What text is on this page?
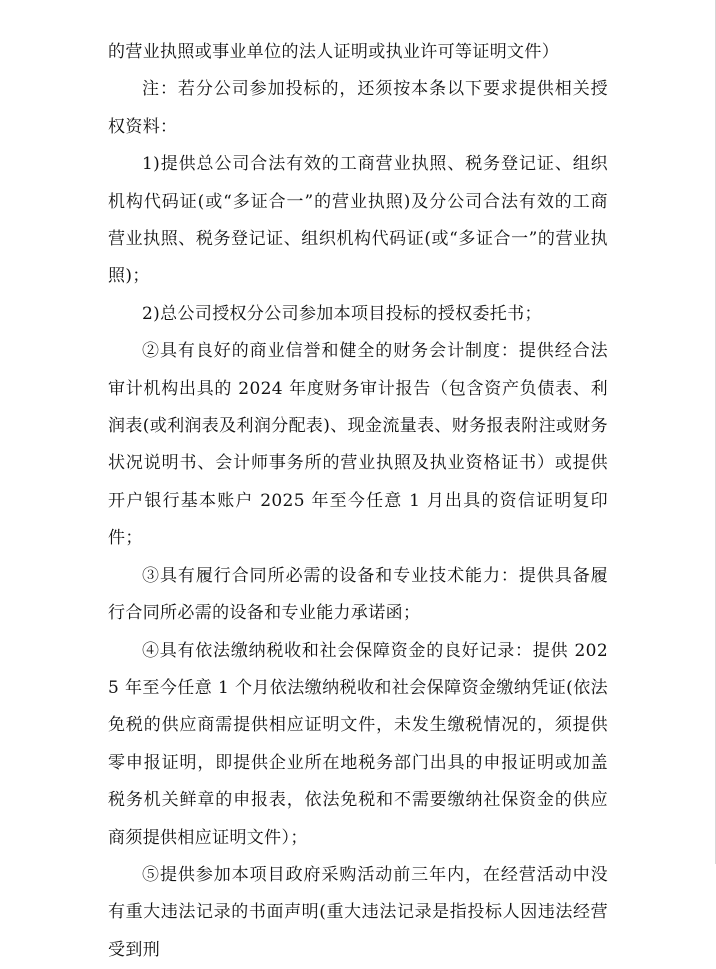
的营业执照或事业单位的法人证明或执业许可等证明文件）

注：若分公司参加投标的，还须按本条以下要求提供相关授权资料：

1)提供总公司合法有效的工商营业执照、税务登记证、组织机构代码证(或“多证合一”的营业执照)及分公司合法有效的工商营业执照、税务登记证、组织机构代码证(或“多证合一”的营业执照)；

2)总公司授权分公司参加本项目投标的授权委托书；

②具有良好的商业信誉和健全的财务会计制度：提供经合法审计机构出具的 2024 年度财务审计报告（包含资产负债表、利润表(或利润表及利润分配表)、现金流量表、财务报表附注或财务状况说明书、会计师事务所的营业执照及执业资格证书）或提供开户银行基本账户 2025 年至今任意 1 月出具的资信证明复印件；

③具有履行合同所必需的设备和专业技术能力：提供具备履行合同所必需的设备和专业能力承诺函；

④具有依法缴纳税收和社会保障资金的良好记录：提供 2025 年至今任意 1 个月依法缴纳税收和社会保障资金缴纳凭证(依法免税的供应商需提供相应证明文件，未发生缴税情况的，须提供零申报证明，即提供企业所在地税务部门出具的申报证明或加盖税务机关鲜章的申报表，依法免税和不需要缴纳社保资金的供应商须提供相应证明文件）；

⑤提供参加本项目政府采购活动前三年内，在经营活动中没有重大违法记录的书面声明(重大违法记录是指投标人因违法经营受到刑
